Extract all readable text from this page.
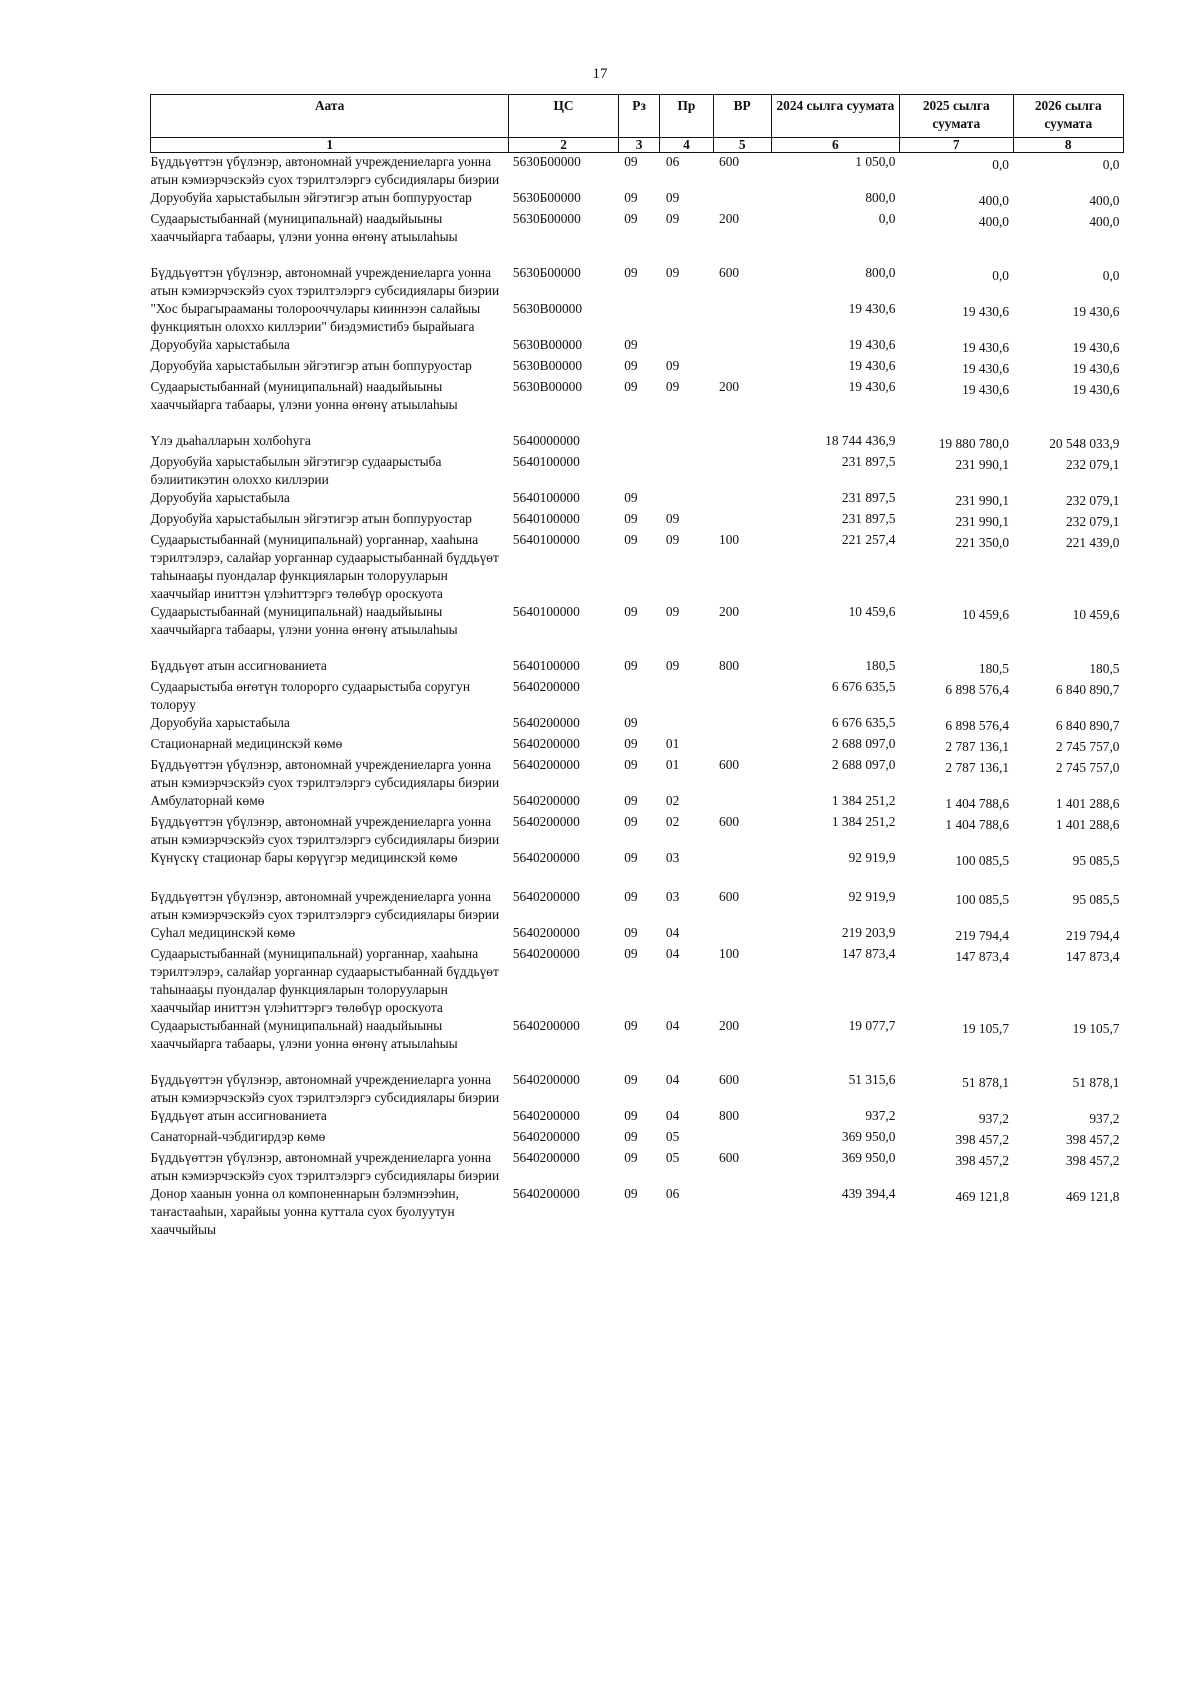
17
Аата	ЦС	Рз	Пр	ВР	2024 сылга суумата	2025 сылга суумата	2026 сылга суумата
1	2	3	4	5	6	7	8
Бүддьүөттэн үбүлэнэр, автономнай учреждениеларга уонна атын кэмиэрчэскэйэ суох тэрилтэлэргэ субсидиялары биэрии	5630Б00000	09	06	600	1 050,0	0,0	0,0
Доруобуйа харыстабылын эйгэтигэр атын боппуруостар	5630Б00000	09	09		800,0	400,0	400,0
Судаарыстыбаннай (муниципальнай) наадыйыыны хааччыйарга табаары, үлэни уонна өҥөнү атыылаһыы	5630Б00000	09	09	200	0,0	400,0	400,0
Бүддьүөттэн үбүлэнэр, автономнай учреждениеларга уонна атын кэмиэрчэскэйэ суох тэрилтэлэргэ субсидиялары биэрии	5630Б00000	09	09	600	800,0	0,0	0,0
"Хос бырагырааманы толорооччулары кииннээн салайыы функциятын олоххо киллэрии" биэдэмистибэ бырайыага	5630В00000				19 430,6	19 430,6	19 430,6
Доруобуйа харыстабыла	5630В00000	09			19 430,6	19 430,6	19 430,6
Доруобуйа харыстабылын эйгэтигэр атын боппуруостар	5630В00000	09	09		19 430,6	19 430,6	19 430,6
Судаарыстыбаннай (муниципальнай) наадыйыыны хааччыйарга табаары, үлэни уонна өҥөнү атыылаһыы	5630В00000	09	09	200	19 430,6	19 430,6	19 430,6
Үлэ дьаһалларын холбоһуга	5640000000				18 744 436,9	19 880 780,0	20 548 033,9
Доруобуйа харыстабылын эйгэтигэр судаарыстыба бэлиитикэтин олоххо киллэрии	5640100000				231 897,5	231 990,1	232 079,1
Доруобуйа харыстабыла	5640100000	09			231 897,5	231 990,1	232 079,1
Доруобуйа харыстабылын эйгэтигэр атын боппуруостар	5640100000	09	09		231 897,5	231 990,1	232 079,1
Судаарыстыбаннай (муниципальнай) уорганнар, хааһына тэрилтэлэрэ, салайар уорганнар судаарыстыбаннай бүддьүөт таһынааҕы пуондалар функцияларын толорууларын хааччыйар иниттэн үлэһиттэргэ төлөбүр ороскуота	5640100000	09	09	100	221 257,4	221 350,0	221 439,0
Судаарыстыбаннай (муниципальнай) наадыйыыны хааччыйарга табаары, үлэни уонна өҥөнү атыылаһыы	5640100000	09	09	200	10 459,6	10 459,6	10 459,6
Бүддьүөт атын ассигнованиета	5640100000	09	09	800	180,5	180,5	180,5
Судаарыстыба өҥөтүн толорорго судаарыстыба соругун толоруу	5640200000				6 676 635,5	6 898 576,4	6 840 890,7
Доруобуйа харыстабыла	5640200000	09			6 676 635,5	6 898 576,4	6 840 890,7
Стационарнай медицинскэй көмө	5640200000	09	01		2 688 097,0	2 787 136,1	2 745 757,0
Бүддьүөттэн үбүлэнэр, автономнай учреждениеларга уонна атын кэмиэрчэскэйэ суох тэрилтэлэргэ субсидиялары биэрии	5640200000	09	01	600	2 688 097,0	2 787 136,1	2 745 757,0
Амбулаторнай көмө	5640200000	09	02		1 384 251,2	1 404 788,6	1 401 288,6
Бүддьүөттэн үбүлэнэр, автономнай учреждениеларга уонна атын кэмиэрчэскэйэ суох тэрилтэлэргэ субсидиялары биэрии	5640200000	09	02	600	1 384 251,2	1 404 788,6	1 401 288,6
Күнүскү стационар бары көрүүгэр медицинскэй көмө	5640200000	09	03		92 919,9	100 085,5	95 085,5
Бүддьүөттэн үбүлэнэр, автономнай учреждениеларга уонна атын кэмиэрчэскэйэ суох тэрилтэлэргэ субсидиялары биэрии	5640200000	09	03	600	92 919,9	100 085,5	95 085,5
Суһал медицинскэй көмө	5640200000	09	04		219 203,9	219 794,4	219 794,4
Судаарыстыбаннай (муниципальнай) уорганнар, хааһына тэрилтэлэрэ, салайар уорганнар судаарыстыбаннай бүддьүөт таһынааҕы пуондалар функцияларын толорууларын хааччыйар иниттэн үлэһиттэргэ төлөбүр ороскуота	5640200000	09	04	100	147 873,4	147 873,4	147 873,4
Судаарыстыбаннай (муниципальнай) наадыйыыны хааччыйарга табаары, үлэни уонна өҥөнү атыылаһыы	5640200000	09	04	200	19 077,7	19 105,7	19 105,7
Бүддьүөттэн үбүлэнэр, автономнай учреждениеларга уонна атын кэмиэрчэскэйэ суох тэрилтэлэргэ субсидиялары биэрии	5640200000	09	04	600	51 315,6	51 878,1	51 878,1
Бүддьүөт атын ассигнованиета	5640200000	09	04	800	937,2	937,2	937,2
Санаторнай-чэбдигирдэр көмө	5640200000	09	05		369 950,0	398 457,2	398 457,2
Бүддьүөттэн үбүлэнэр, автономнай учреждениеларга уонна атын кэмиэрчэскэйэ суох тэрилтэлэргэ субсидиялары биэрии	5640200000	09	05	600	369 950,0	398 457,2	398 457,2
Донор хаанын уонна ол компоненнарын бэлэмнээһин, таҥастааһын, харайыы уонна куттала суох буолуутун хааччыйыы	5640200000	09	06		439 394,4	469 121,8	469 121,8
